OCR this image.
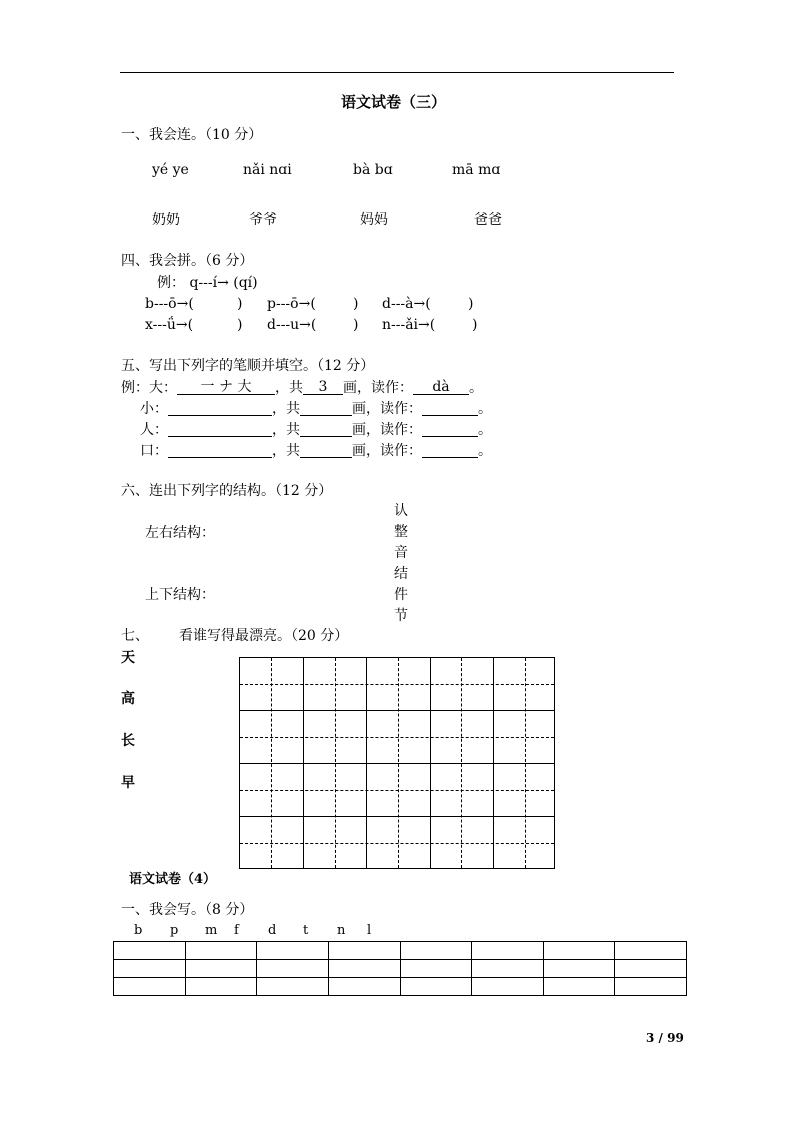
语文试卷（三）
一、我会连。（10 分）
yé ye	nǎi nɑi	bà bɑ	mā mɑ
奶奶	爷爷	妈妈	爸爸
四、我会拼。（6 分）
例： q---í→ (qí)
b---ō→(	) p---ō→(	) d---à→(	)
x---ǘ→(	) d---u→(	) n---ǎi→(	)
五、写出下列字的笔顺并填空。（12 分）
例：大： 一 ナ 大 ，共 3 画，读作： dà 。
小：	，共	画，读作：	。
人：	，共	画，读作：	。
口：	，共	画，读作：	。
六、连出下列字的结构。（12 分）
左右结构：
上下结构：
认
整
音
结
件
节
七、 看谁写得最漂亮。（20 分）
天
高
长
早
语文试卷（4）
一、我会写。（8 分）
b p m f d t n l

3 / 99
